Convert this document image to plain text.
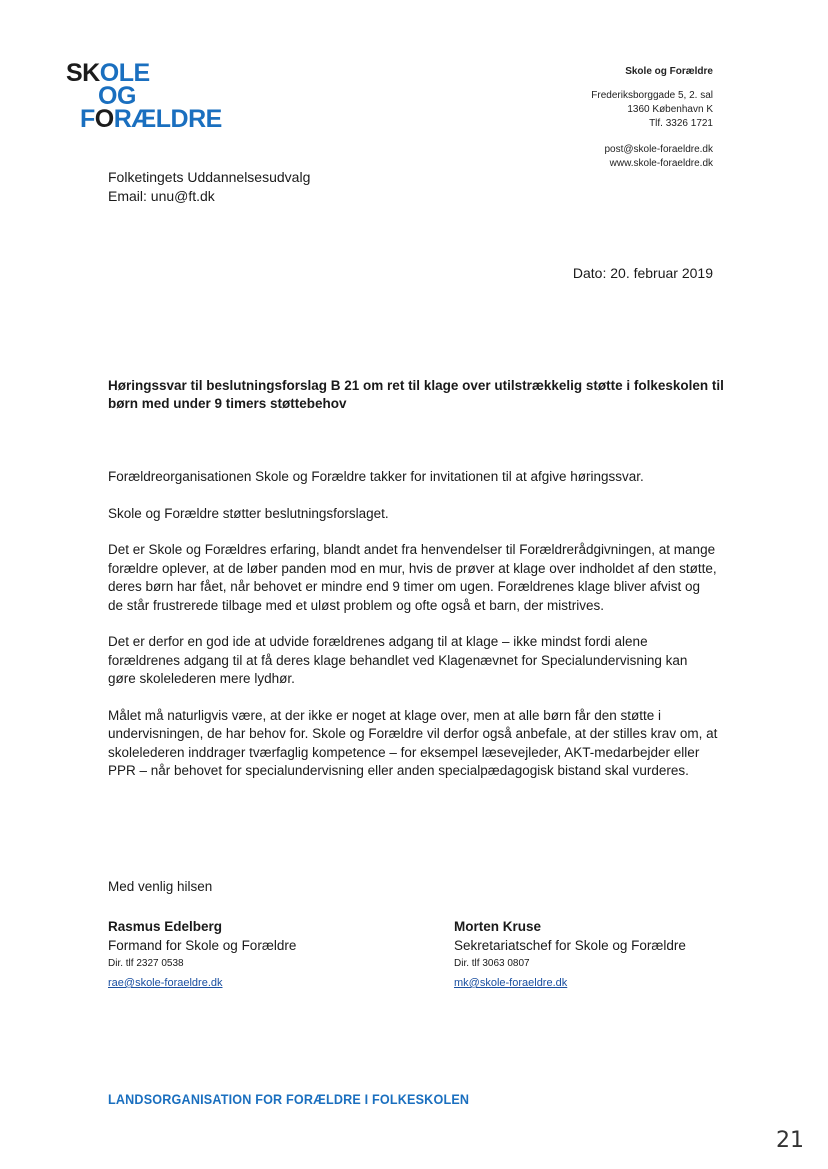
SKOLE
OG
FORÆLDRE
Skole og Forældre
Frederiksborggade 5, 2. sal
1360 København K
Tlf. 3326 1721
post@skole-foraeldre.dk
www.skole-foraeldre.dk
Folketingets Uddannelsesudvalg
Email: unu@ft.dk
Dato: 20. februar 2019
Høringssvar til beslutningsforslag B 21 om ret til klage over utilstrækkelig støtte i folkeskolen til børn med under 9 timers støttebehov

Forældreorganisationen Skole og Forældre takker for invitationen til at afgive høringssvar.

Skole og Forældre støtter beslutningsforslaget.

Det er Skole og Forældres erfaring, blandt andet fra henvendelser til Forældrerådgivningen, at mange forældre oplever, at de løber panden mod en mur, hvis de prøver at klage over indholdet af den støtte, deres børn har fået, når behovet er mindre end 9 timer om ugen. Forældrenes klage bliver afvist og de står frustrerede tilbage med et uløst problem og ofte også et barn, der mistrives.

Det er derfor en god ide at udvide forældrenes adgang til at klage – ikke mindst fordi alene forældrenes adgang til at få deres klage behandlet ved Klagenævnet for Specialundervisning kan gøre skolelederen mere lydhør.

Målet må naturligvis være, at der ikke er noget at klage over, men at alle børn får den støtte i undervisningen, de har behov for. Skole og Forældre vil derfor også anbefale, at der stilles krav om, at skolelederen inddrager tværfaglig kompetence – for eksempel læsevejleder, AKT-medarbejder eller PPR – når behovet for specialundervisning eller anden specialpædagogisk bistand skal vurderes.

Med venlig hilsen
Rasmus Edelberg
Formand for Skole og Forældre
Dir. tlf 2327 0538
rae@skole-foraeldre.dk
Morten Kruse
Sekretariatschef for Skole og Forældre
Dir. tlf 3063 0807
mk@skole-foraeldre.dk
LANDSORGANISATION FOR FORÆLDRE I FOLKESKOLEN
21
